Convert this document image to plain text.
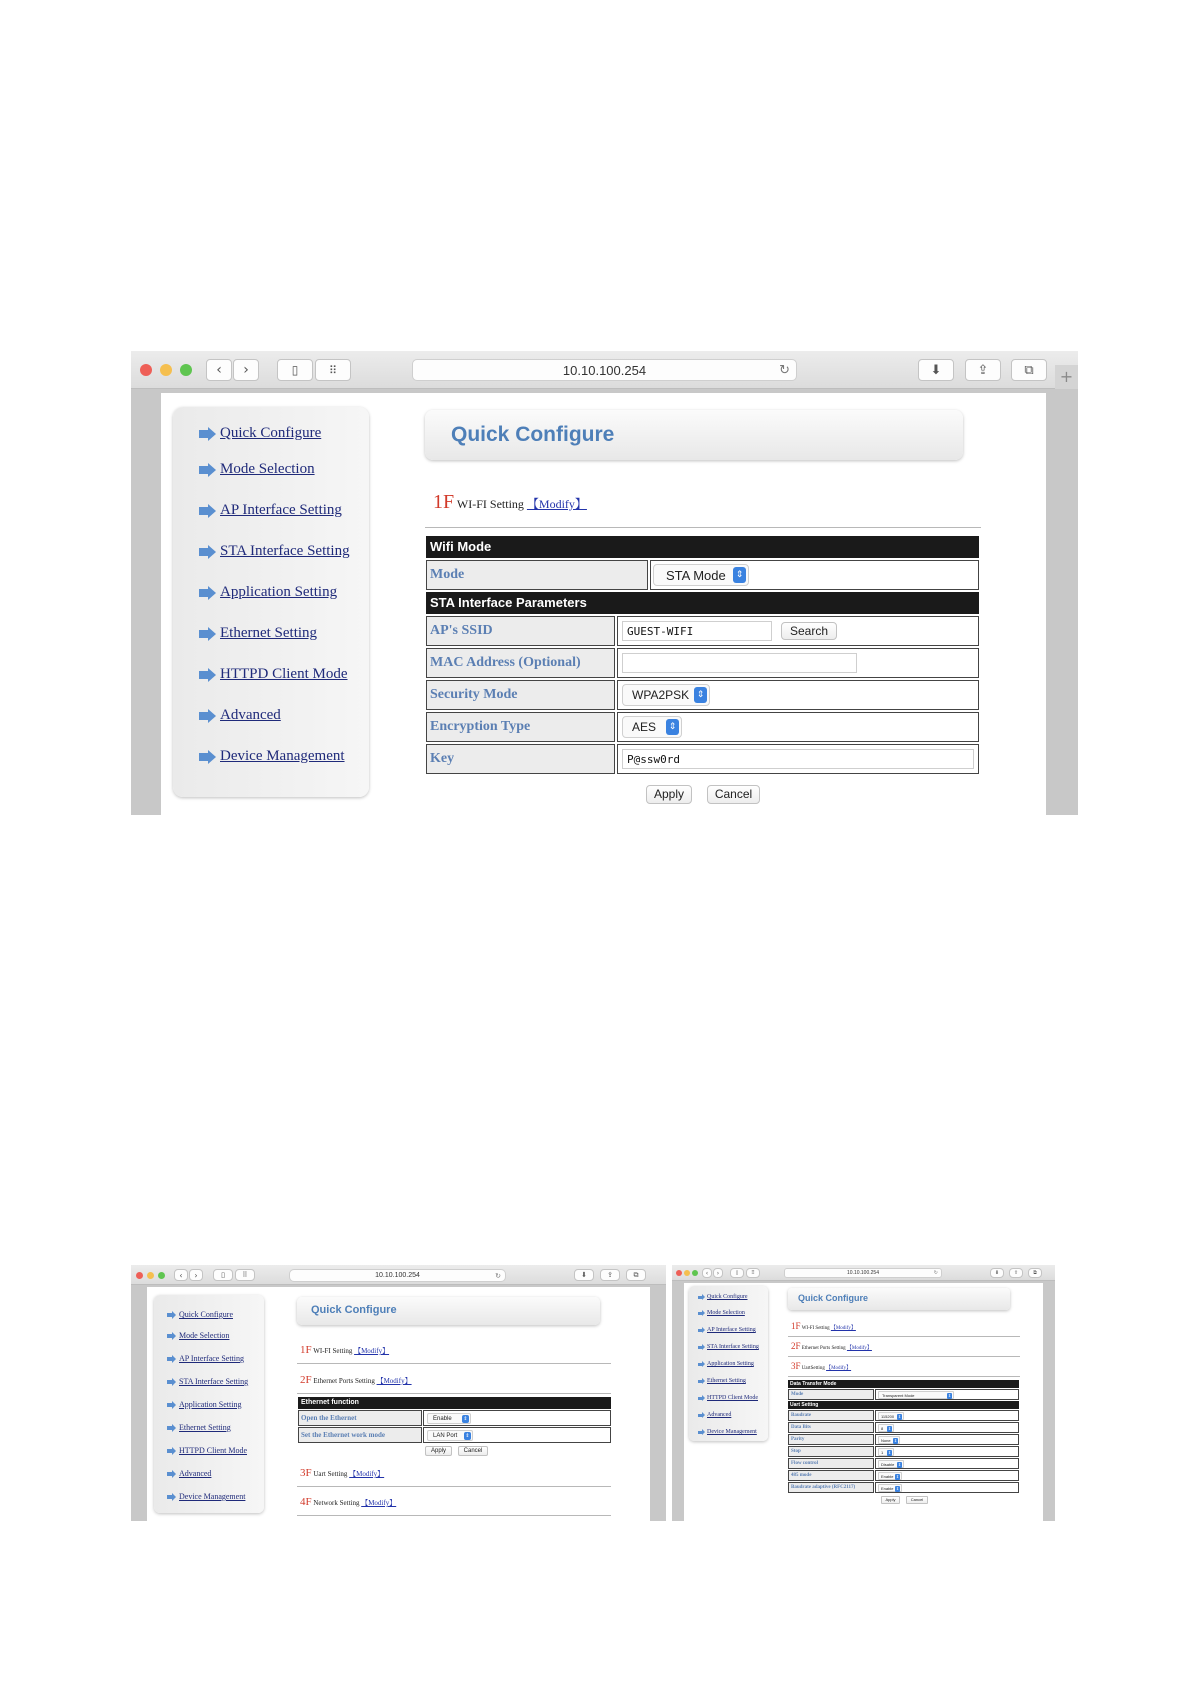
‹	›	▯	⠿	10.10.100.254	↻	⬇	⇪	⧉	+
Quick Configure
Mode Selection
AP Interface Setting
STA Interface Setting
Application Setting
Ethernet Setting
HTTPD Client Mode
Advanced
Device Management
Quick Configure
1F WI-FI Setting 【Modify】
Wifi Mode
Mode	STA Mode	⇕
STA Interface Parameters
AP's SSID	GUEST-WIFI	Search
MAC Address (Optional)
Security Mode	WPA2PSK ⇕
Encryption Type	AES	⇕
Key	P@ssw0rd
Apply	Cancel
‹	›	▯	⠿	10.10.100.254	↻	⬇	⇪	⧉
Quick Configure
Mode Selection
AP Interface Setting
STA Interface Setting
Application Setting
Ethernet Setting
HTTPD Client Mode
Advanced
Device Management
Quick Configure
1F WI-FI Setting 【Modify】
2F Ethernet Ports Setting 【Modify】
Ethernet function
Open the Ethernet	Enable ⇕
Set the Ethernet work mode	LAN Port ⇕
Apply	Cancel
3F Uart Setting 【Modify】
4F Network Setting 【Modify】
‹	›	▯	⠿	10.10.100.254	↻	⬇	⇪	⧉
Quick Configure
Mode Selection
AP Interface Setting
STA Interface Setting
Application Setting
Ethernet Setting
HTTPD Client Mode
Advanced
Device Management
Quick Configure
1F WI-FI Setting 【Modify】
2F Ethernet Ports Setting 【Modify】
3F UartSetting 【Modify】
Data Transfer Mode
Mode	Transparent Mode	⇕
Uart Setting
Baudrate	115200 ⇕
Data Bits	8 ⇕
Parity	None ⇕
Stop	1 ⇕
Flow control	Disable ⇕
485 mode	Enable ⇕
Baudrate adaptive (RFC2117)	Enable ⇕
Apply	Cancel
